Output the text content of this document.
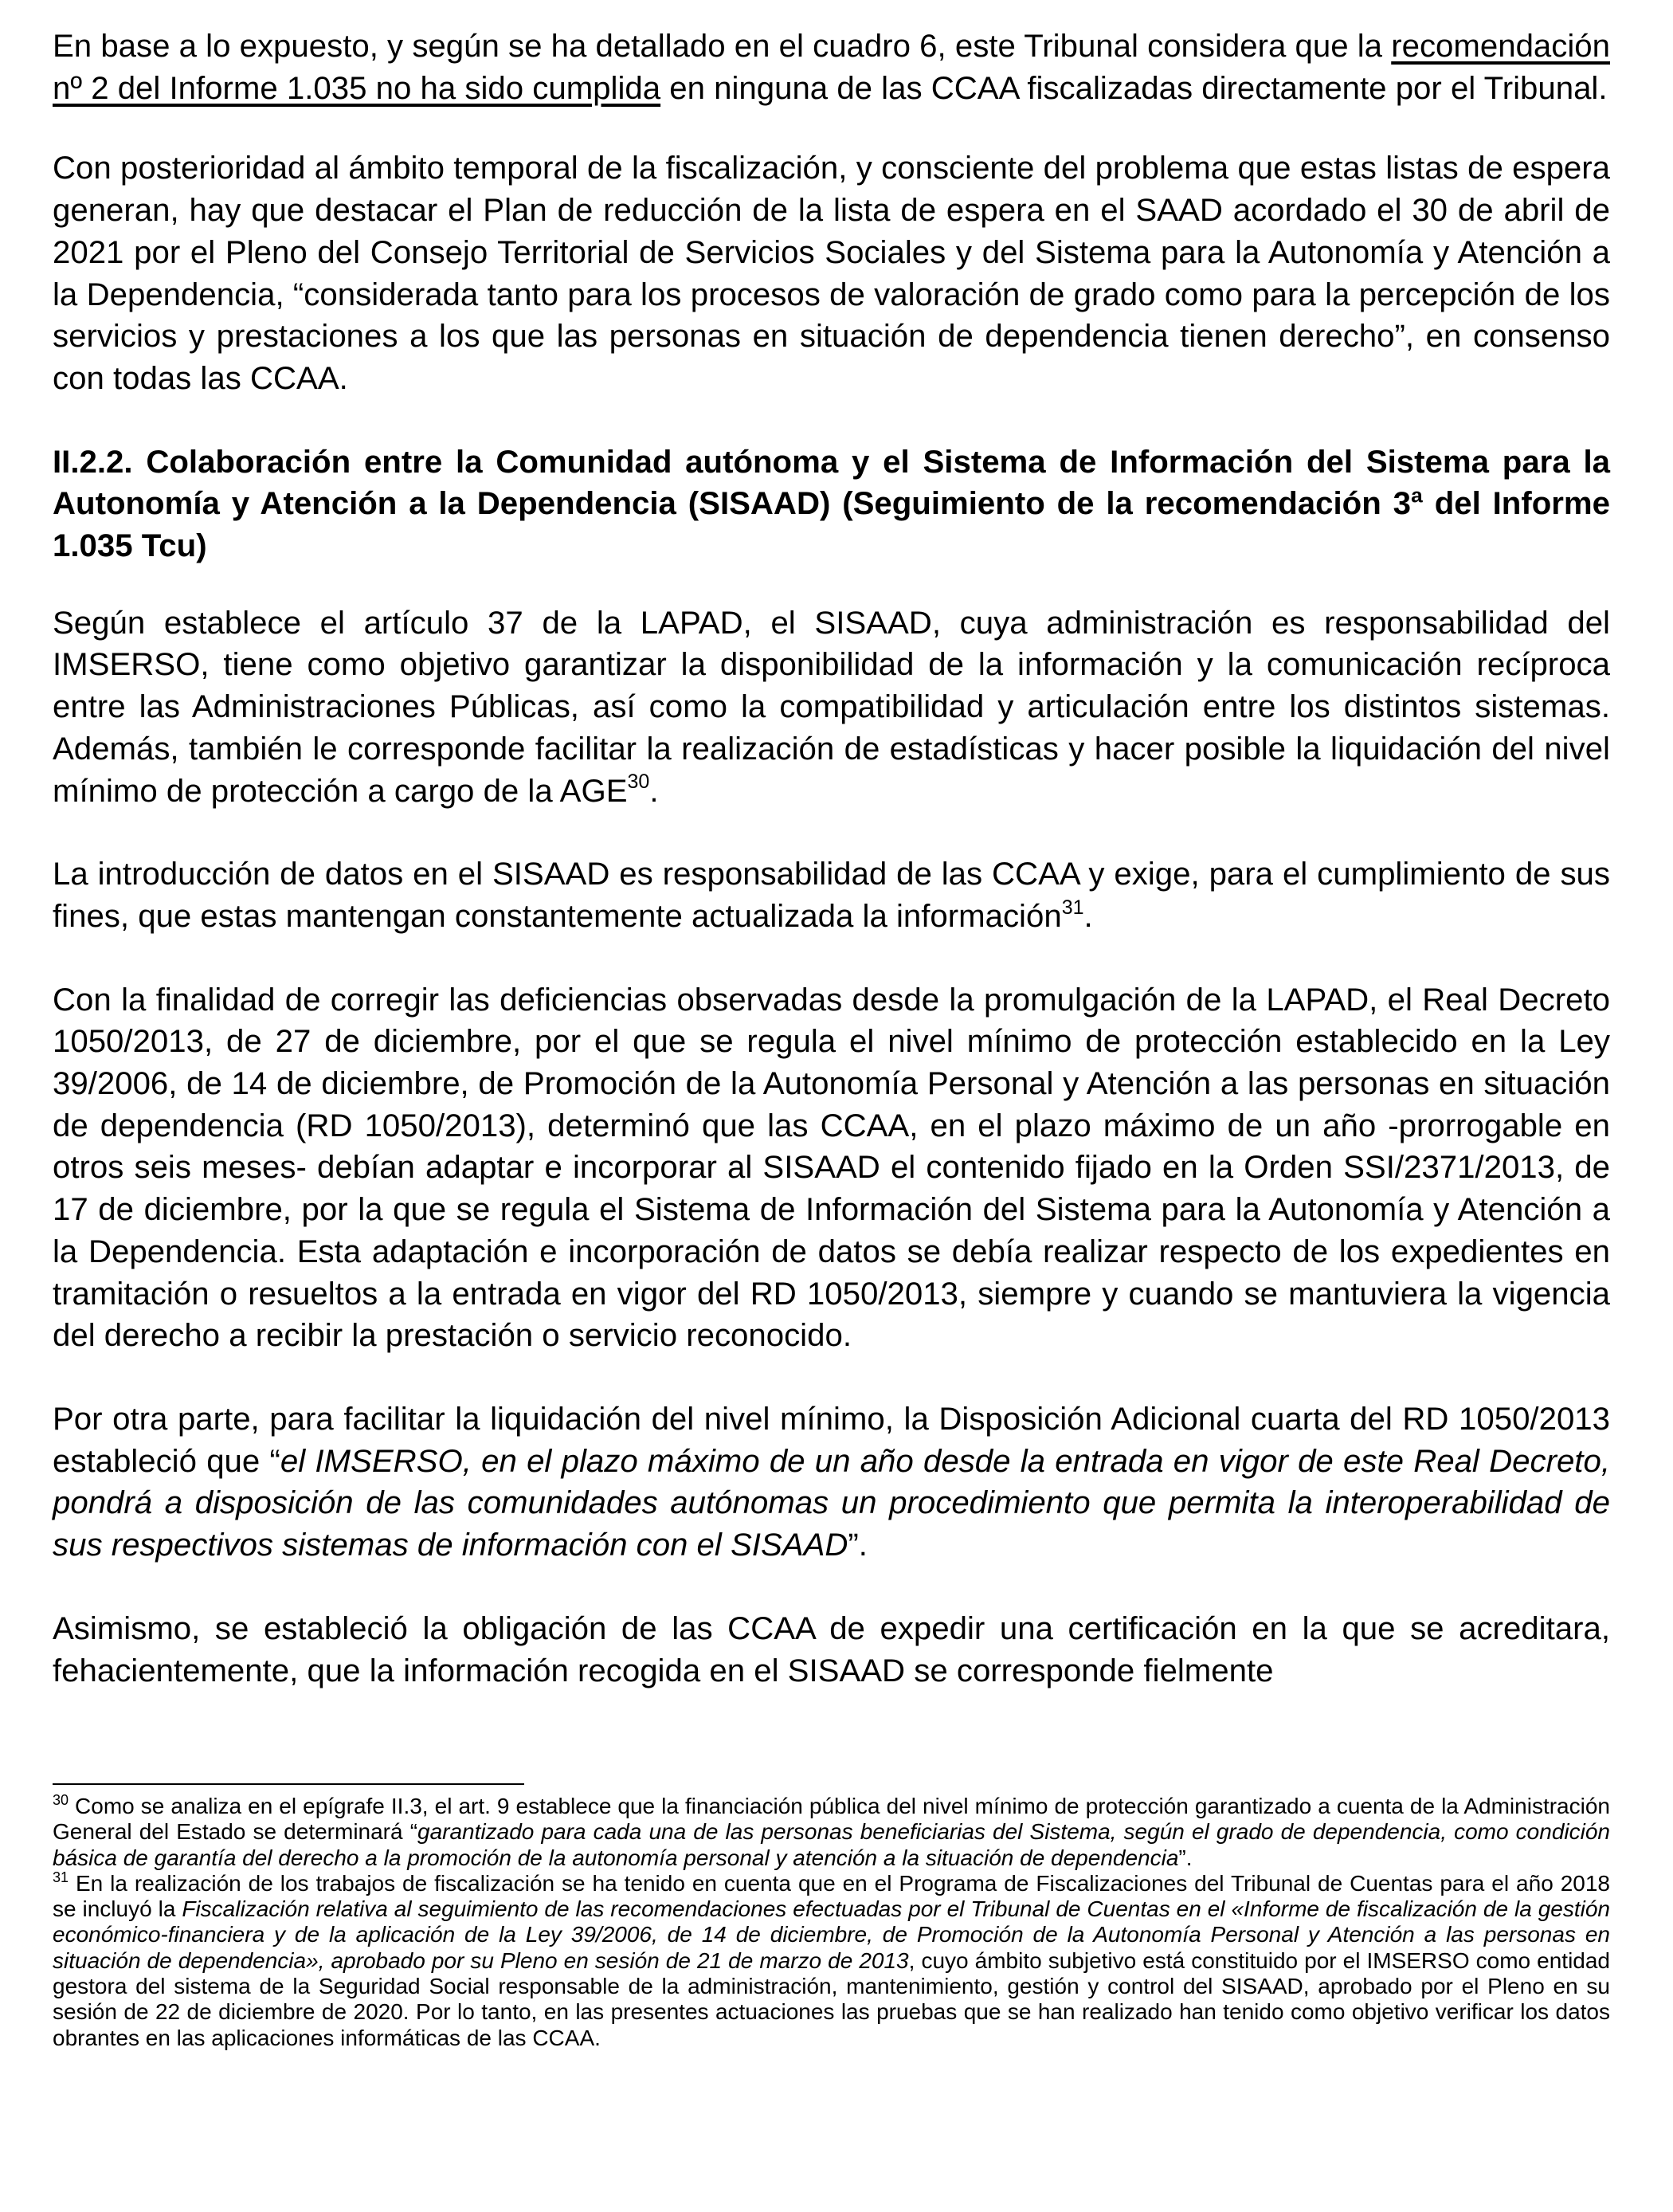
En base a lo expuesto, y según se ha detallado en el cuadro 6, este Tribunal considera que la recomendación nº 2 del Informe 1.035 no ha sido cumplida en ninguna de las CCAA fiscalizadas directamente por el Tribunal.

Con posterioridad al ámbito temporal de la fiscalización, y consciente del problema que estas listas de espera generan, hay que destacar el Plan de reducción de la lista de espera en el SAAD acordado el 30 de abril de 2021 por el Pleno del Consejo Territorial de Servicios Sociales y del Sistema para la Autonomía y Atención a la Dependencia, “considerada tanto para los procesos de valoración de grado como para la percepción de los servicios y prestaciones a los que las personas en situación de dependencia tienen derecho”, en consenso con todas las CCAA.

II.2.2. Colaboración entre la Comunidad autónoma y el Sistema de Información del Sistema para la Autonomía y Atención a la Dependencia (SISAAD) (Seguimiento de la recomendación 3ª del Informe 1.035 Tcu)

Según establece el artículo 37 de la LAPAD, el SISAAD, cuya administración es responsabilidad del IMSERSO, tiene como objetivo garantizar la disponibilidad de la información y la comunicación recíproca entre las Administraciones Públicas, así como la compatibilidad y articulación entre los distintos sistemas. Además, también le corresponde facilitar la realización de estadísticas y hacer posible la liquidación del nivel mínimo de protección a cargo de la AGE$^{30}$.

La introducción de datos en el SISAAD es responsabilidad de las CCAA y exige, para el cumplimiento de sus fines, que estas mantengan constantemente actualizada la información$^{31}$.

Con la finalidad de corregir las deficiencias observadas desde la promulgación de la LAPAD, el Real Decreto 1050/2013, de 27 de diciembre, por el que se regula el nivel mínimo de protección establecido en la Ley 39/2006, de 14 de diciembre, de Promoción de la Autonomía Personal y Atención a las personas en situación de dependencia (RD 1050/2013), determinó que las CCAA, en el plazo máximo de un año -prorrogable en otros seis meses- debían adaptar e incorporar al SISAAD el contenido fijado en la Orden SSI/2371/2013, de 17 de diciembre, por la que se regula el Sistema de Información del Sistema para la Autonomía y Atención a la Dependencia. Esta adaptación e incorporación de datos se debía realizar respecto de los expedientes en tramitación o resueltos a la entrada en vigor del RD 1050/2013, siempre y cuando se mantuviera la vigencia del derecho a recibir la prestación o servicio reconocido.

Por otra parte, para facilitar la liquidación del nivel mínimo, la Disposición Adicional cuarta del RD 1050/2013 estableció que “el IMSERSO, en el plazo máximo de un año desde la entrada en vigor de este Real Decreto, pondrá a disposición de las comunidades autónomas un procedimiento que permita la interoperabilidad de sus respectivos sistemas de información con el SISAAD”.

Asimismo, se estableció la obligación de las CCAA de expedir una certificación en la que se acreditara, fehacientemente, que la información recogida en el SISAAD se corresponde fielmente

$^{30}$ Como se analiza en el epígrafe II.3, el art. 9 establece que la financiación pública del nivel mínimo de protección garantizado a cuenta de la Administración General del Estado se determinará “garantizado para cada una de las personas beneficiarias del Sistema, según el grado de dependencia, como condición básica de garantía del derecho a la promoción de la autonomía personal y atención a la situación de dependencia”.

$^{31}$ En la realización de los trabajos de fiscalización se ha tenido en cuenta que en el Programa de Fiscalizaciones del Tribunal de Cuentas para el año 2018 se incluyó la Fiscalización relativa al seguimiento de las recomendaciones efectuadas por el Tribunal de Cuentas en el «Informe de fiscalización de la gestión económico-financiera y de la aplicación de la Ley 39/2006, de 14 de diciembre, de Promoción de la Autonomía Personal y Atención a las personas en situación de dependencia», aprobado por su Pleno en sesión de 21 de marzo de 2013, cuyo ámbito subjetivo está constituido por el IMSERSO como entidad gestora del sistema de la Seguridad Social responsable de la administración, mantenimiento, gestión y control del SISAAD, aprobado por el Pleno en su sesión de 22 de diciembre de 2020. Por lo tanto, en las presentes actuaciones las pruebas que se han realizado han tenido como objetivo verificar los datos obrantes en las aplicaciones informáticas de las CCAA.
